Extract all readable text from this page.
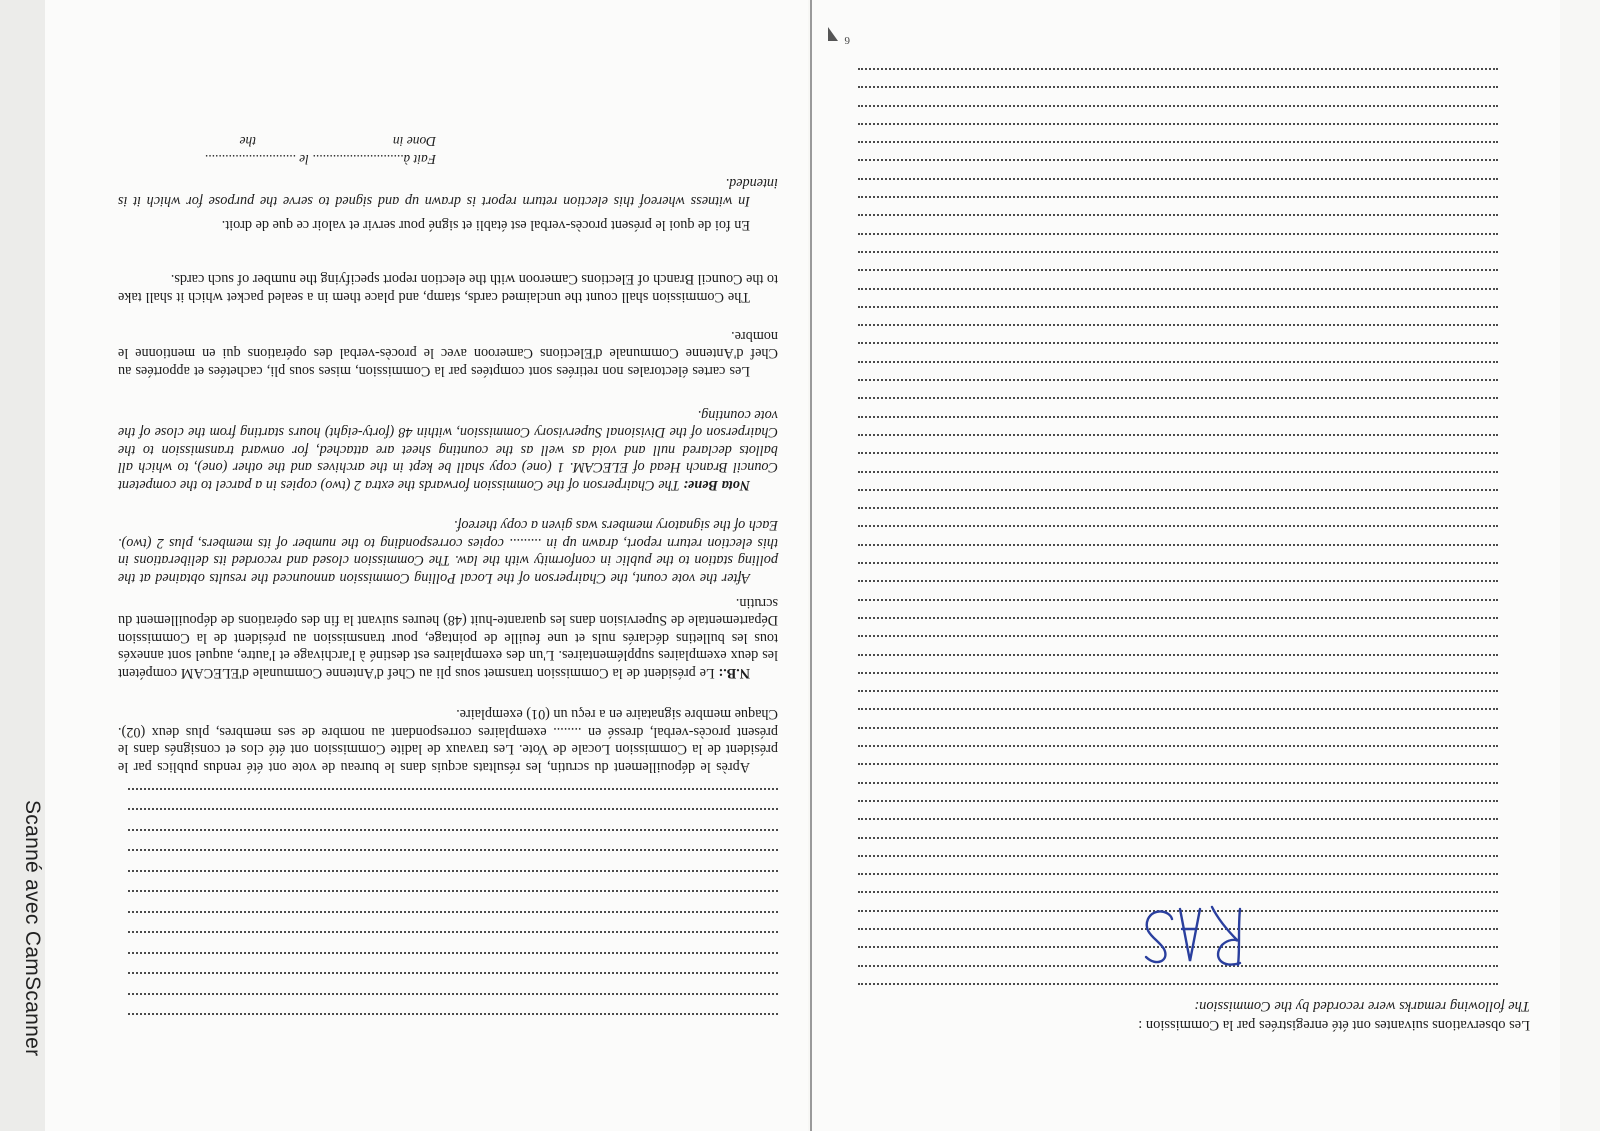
Les observations suivantes ont été enregistrées par la Commission :
The following remarks were recorded by the Commission:
6

Après le dépouillement du scrutin, les résultats acquis dans le bureau de vote ont été rendus publics par le président de la Commission Locale de Vote. Les travaux de ladite Commission ont été clos et consignés dans le présent procès-verbal, dressé en ........ exemplaires correspondant au nombre de ses membres, plus deux (02). Chaque membre signataire en a reçu un (01) exemplaire.

N.B.: Le président de la Commission transmet sous pli au Chef d'Antenne Communale d'ELECAM compétent les deux exemplaires supplémentaires. L'un des exemplaires est destiné à l'archivage et l'autre, auquel sont annexés tous les bulletins déclarés nuls et une feuille de pointage, pour transmission au président de la Commission Départementale de Supervision dans les quarante-huit (48) heures suivant la fin des opérations de dépouillement du scrutin.

After the vote count, the Chairperson of the Local Polling Commission announced the results obtained at the polling station to the public in conformity with the law. The Commission closed and recorded its deliberations in this election return report, drawn up in ......... copies corresponding to the number of its members, plus 2 (two). Each of the signatory members was given a copy thereof.

Nota Bene: The Chairperson of the Commission forwards the extra 2 (two) copies in a parcel to the competent Council Branch Head of ELECAM. 1 (one) copy shall be kept in the archives and the other (one), to which all ballots declared null and void as well as the counting sheet are attached, for onward transmission to the Chairperson of the Divisional Supervisory Commission, within 48 (forty-eight) hours starting from the close of the vote counting.

Les cartes électorales non retirées sont comptées par la Commission, mises sous pli, cachetées et apportées au Chef d'Antenne Communale d'Elections Cameroon avec le procès-verbal des opérations qui en mentionne le nombre.

The Commission shall count the unclaimed cards, stamp, and place them in a sealed packet which it shall take to the Council Branch of Elections Cameroon with the election report specifying the number of such cards.

En foi de quoi le présent procès-verbal est établi et signé pour servir et valoir ce que de droit.

In witness whereof this election return report is drawn up and signed to serve the purpose for which it is intended.

Fait à........................... le ...........................
Done in
the
Scanné avec CamScanner
